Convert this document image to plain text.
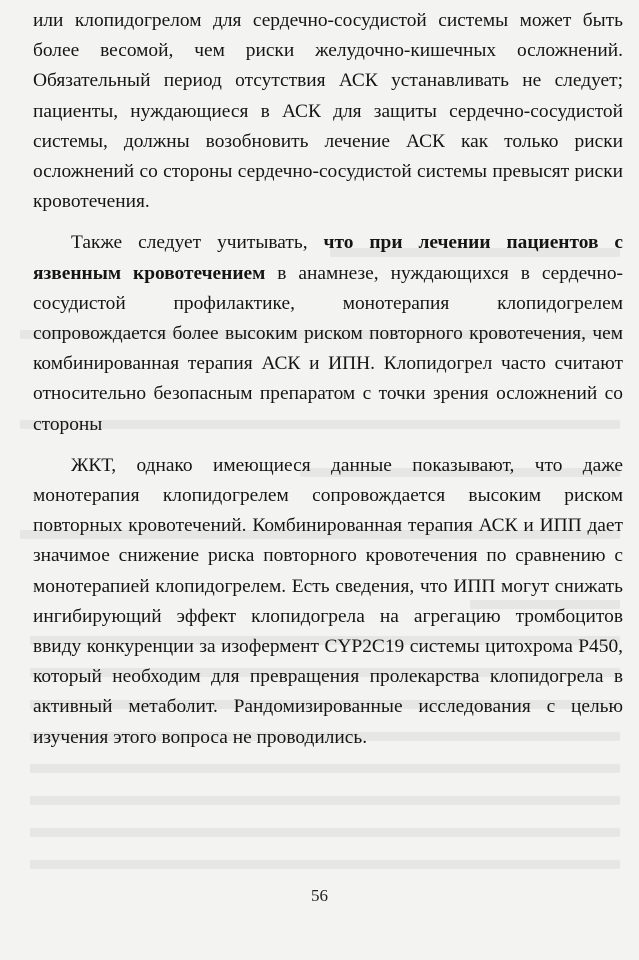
или клопидогрелом для сердечно-сосудистой системы может быть более весомой, чем риски желудочно-кишечных осложнений. Обязательный период отсутствия АСК устанавливать не следует; пациенты, нуждающиеся в АСК для защиты сердечно-сосудистой системы, должны возобновить лечение АСК как только риски осложнений со стороны сердечно-сосудистой системы превысят риски кровотечения.

Также следует учитывать, что при лечении пациентов с язвенным кровотечением в анамнезе, нуждающихся в сердечно-сосудистой профилактике, монотерапия клопидогрелем сопровождается более высоким риском повторного кровотечения, чем комбинированная терапия АСК и ИПН. Клопидогрел часто считают относительно безопасным препаратом с точки зрения осложнений со стороны

ЖКТ, однако имеющиеся данные показывают, что даже монотерапия клопидогрелем сопровождается высоким риском повторных кровотечений. Комбинированная терапия АСК и ИПП дает значимое снижение риска повторного кровотечения по сравнению с монотерапией клопидогрелем. Есть сведения, что ИПП могут снижать ингибирующий эффект клопидогрела на агрегацию тромбоцитов ввиду конкуренции за изофермент CYP2C19 системы цитохрома Р450, который необходим для превращения пролекарства клопидогрела в активный метаболит. Рандомизированные исследования с целью изучения этого вопроса не проводились.

56
